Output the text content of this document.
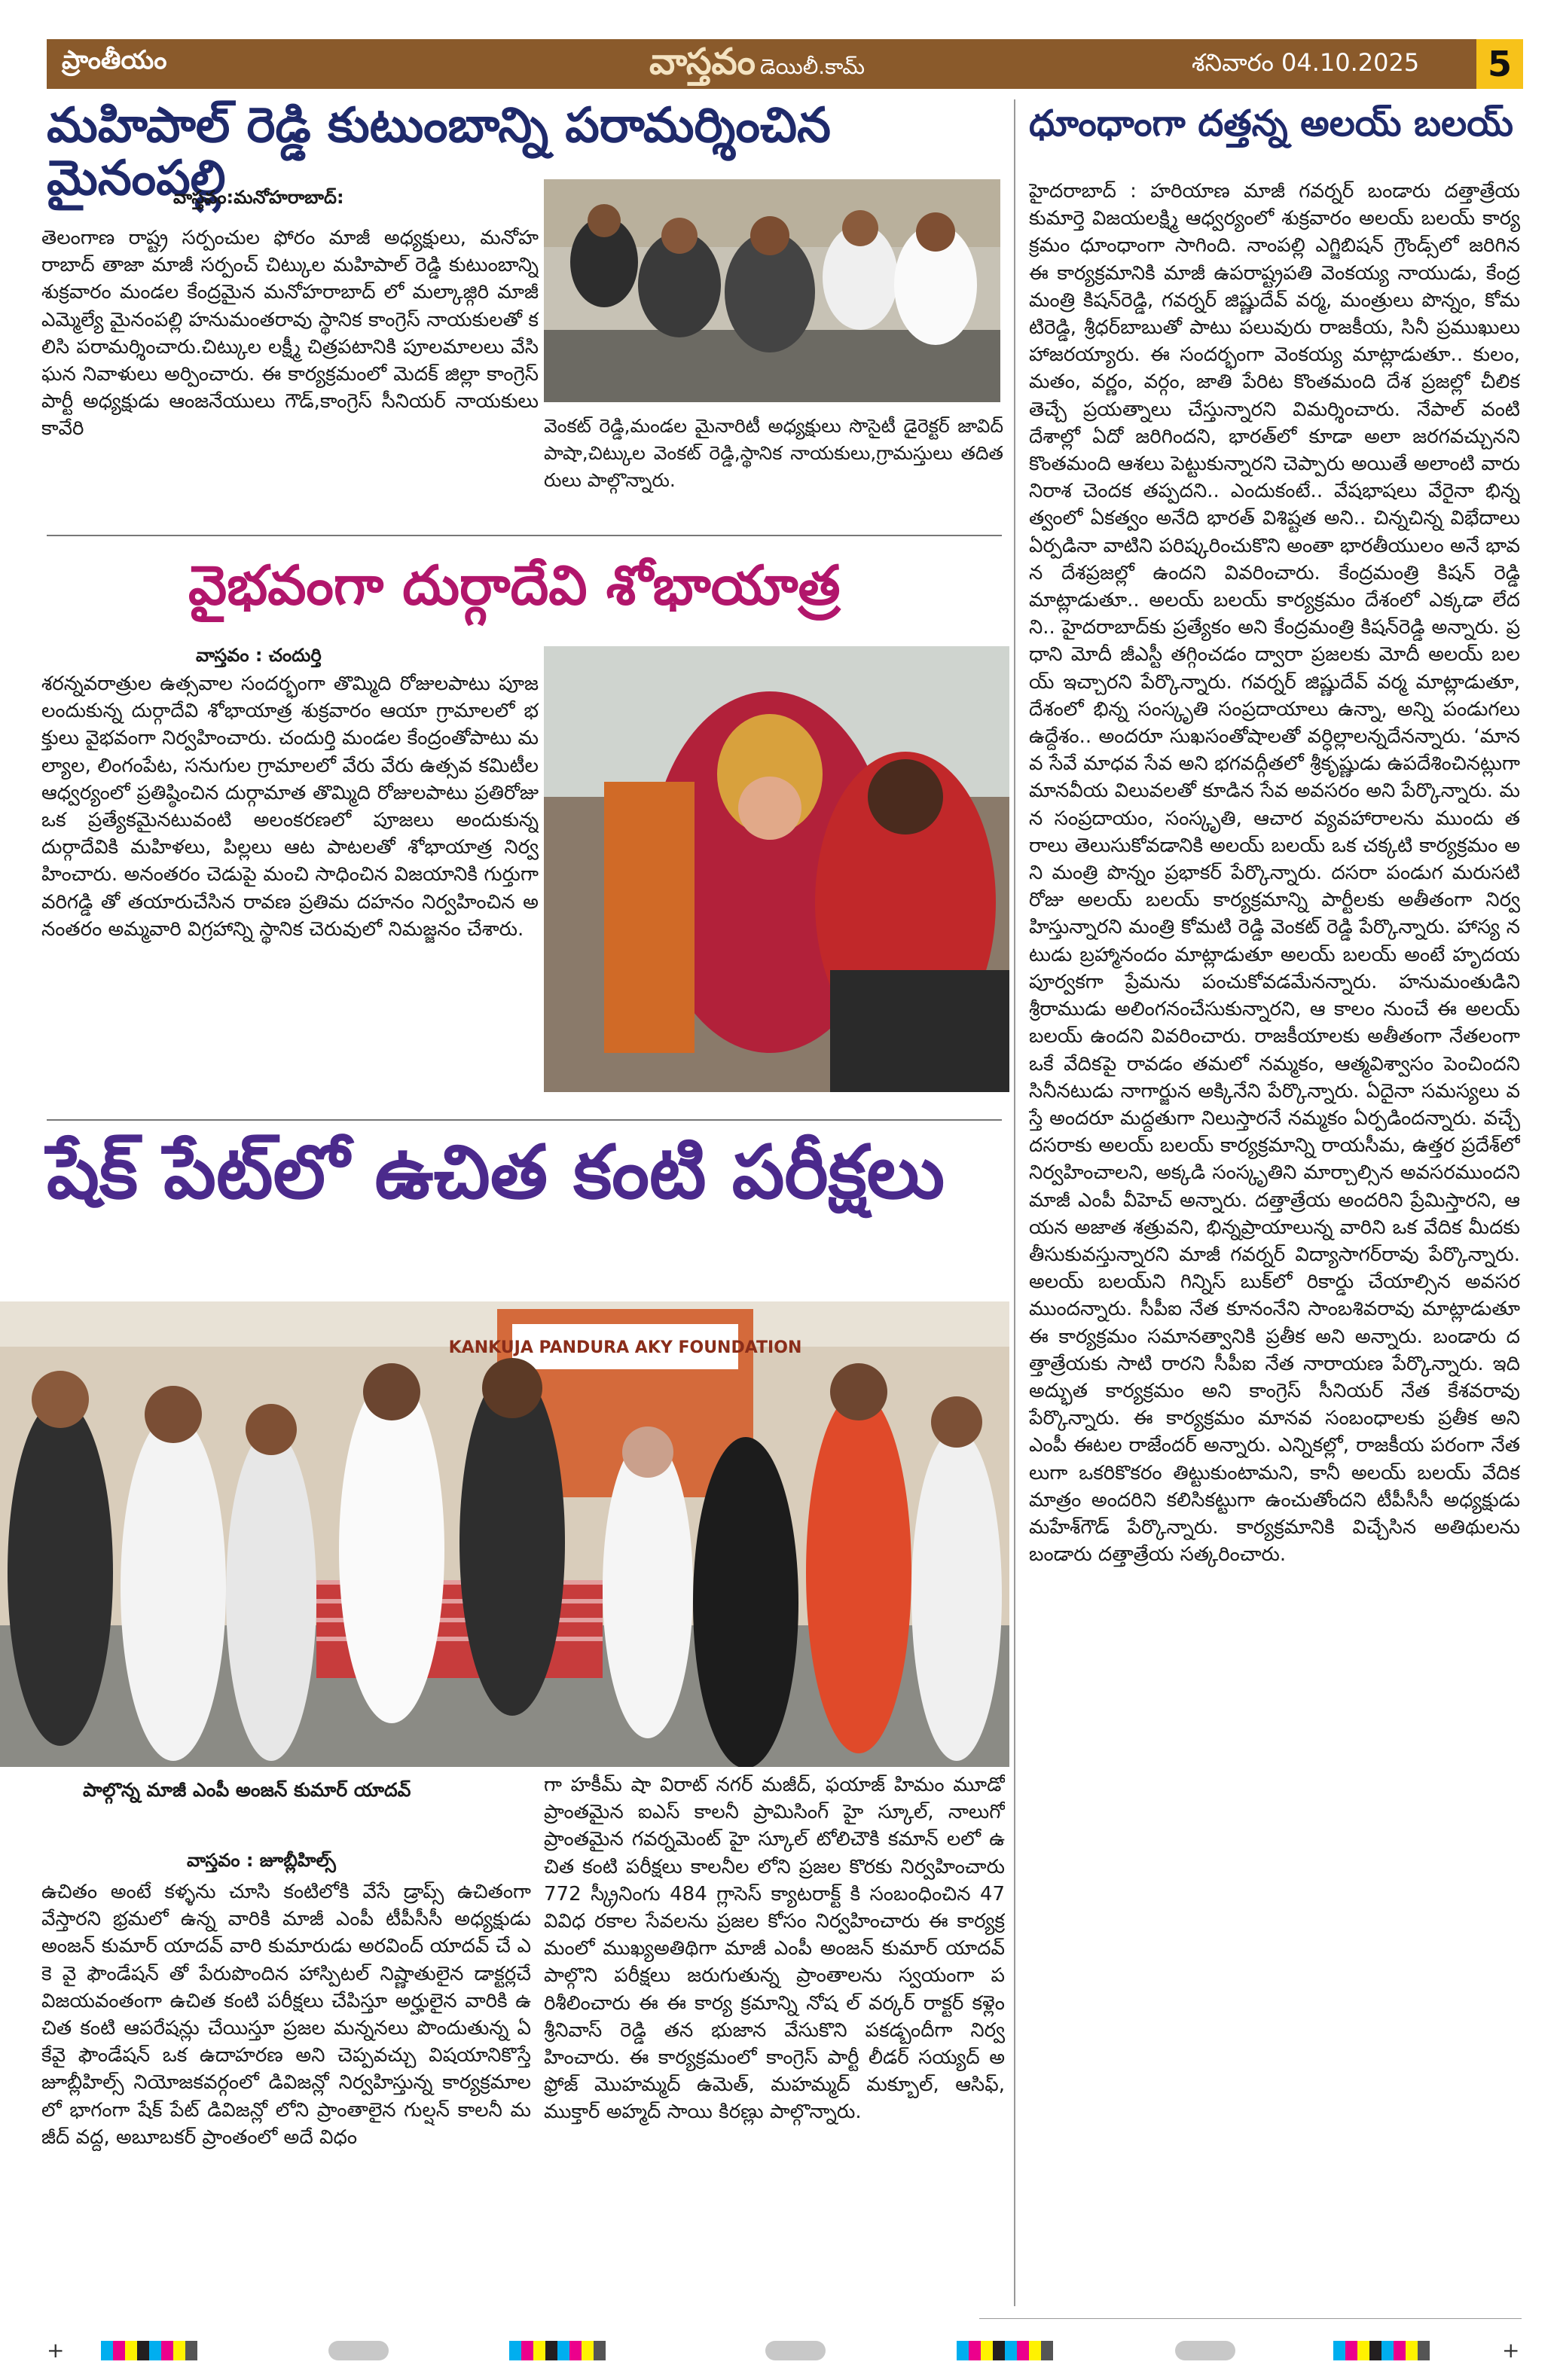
ప్రాంతీయం	వాస్తవం డెయిలీ.కామ్	శనివారం 04.10.2025	5
మహిపాల్ రెడ్డి కుటుంబాన్ని పరామర్శించిన మైనంపల్లి
వాస్తవం:మనోహరాబాద్:
తెలంగాణ రాష్ట్ర సర్పంచుల ఫోరం మాజీ అధ్యక్షులు, మనోహరాబాద్ తాజా మాజీ సర్పంచ్ చిట్కుల మహిపాల్ రెడ్డి కుటుంబాన్ని శుక్రవారం మండల కేంద్రమైన మనోహరాబాద్ లో మల్కాజ్గిరి మాజీ ఎమ్మెల్యే మైనంపల్లి హనుమంతరావు స్థానిక కాంగ్రెస్ నాయకులతో కలిసి పరామర్శించారు.చిట్కుల లక్ష్మీ చిత్రపటానికి పూలమాలలు వేసి ఘన నివాళులు అర్పించారు. ఈ కార్యక్రమంలో మెదక్ జిల్లా కాంగ్రెస్ పార్టీ అధ్యక్షుడు ఆంజనేయులు గౌడ్,కాంగ్రెస్ సీనియర్ నాయకులు కావేరి	వెంకట్ రెడ్డి,మండల మైనారిటీ అధ్యక్షులు సొసైటీ డైరెక్టర్ జావిద్ పాషా,చిట్కుల వెంకట్ రెడ్డి,స్థానిక నాయకులు,గ్రామస్తులు తదితరులు పాల్గొన్నారు.
వైభవంగా దుర్గాదేవి శోభాయాత్ర
వాస్తవం : చందుర్తి
శరన్నవరాత్రుల ఉత్సవాల సందర్భంగా తొమ్మిది రోజులపాటు పూజలందుకున్న దుర్గాదేవి శోభాయాత్ర శుక్రవారం ఆయా గ్రామాలలో భక్తులు వైభవంగా నిర్వహించారు. చందుర్తి మండల కేంద్రంతోపాటు మల్యాల, లింగంపేట, సనుగుల గ్రామాలలో వేరు వేరు ఉత్సవ కమిటీల ఆధ్వర్యంలో ప్రతిష్ఠించిన దుర్గామాత తొమ్మిది రోజులపాటు ప్రతిరోజు ఒక ప్రత్యేకమైనటువంటి అలంకరణలో పూజలు అందుకున్న దుర్గాదేవికి మహిళలు, పిల్లలు ఆట పాటలతో శోభాయాత్ర నిర్వహించారు. అనంతరం చెడుపై మంచి సాధించిన విజయానికి గుర్తుగా వరిగడ్డి తో తయారుచేసిన రావణ ప్రతిమ దహనం నిర్వహించిన అనంతరం అమ్మవారి విగ్రహాన్ని స్థానిక చెరువులో నిమజ్జనం చేశారు.
షేక్ పేట్‌లో ఉచిత కంటి పరీక్షలు
KANKUJA PANDURA AKY FOUNDATION
పాల్గొన్న మాజీ ఎంపీ అంజన్ కుమార్ యాదవ్
వాస్తవం : జూబ్లీహిల్స్
ఉచితం అంటే కళ్ళను చూసి కంటిలోకి వేసే డ్రాప్స్ ఉచితంగా వేస్తారని భ్రమలో ఉన్న వారికి మాజీ ఎంపీ టీపీసీసీ అధ్యక్షుడు అంజన్ కుమార్ యాదవ్ వారి కుమారుడు అరవింద్ యాదవ్ చే ఎ కె వై ఫౌండేషన్ తో పేరుపొందిన హాస్పిటల్ నిష్ణాతులైన డాక్టర్లచే విజయవంతంగా ఉచిత కంటి పరీక్షలు చేపిస్తూ అర్హులైన వారికి ఉచిత కంటి ఆపరేషన్లు చేయిస్తూ ప్రజల మన్ననలు పొందుతున్న ఏకేవై ఫౌండేషన్ ఒక ఉదాహరణ అని చెప్పవచ్చు విషయానికొస్తే జూబ్లీహిల్స్ నియోజకవర్గంలో డివిజన్లో నిర్వహిస్తున్న కార్యక్రమాలలో భాగంగా షేక్ పేట్ డివిజన్లో లోని ప్రాంతాలైన గుల్షన్ కాలనీ మజీద్ వద్ద, అబూబకర్ ప్రాంతంలో అదే విధం
గా హకీమ్ షా విరాట్ నగర్ మజీద్, ఫయాజ్ హిమం మూడో ప్రాంతమైన ఐఎస్ కాలనీ ప్రామిసింగ్ హై స్కూల్, నాలుగో ప్రాంతమైన గవర్నమెంట్ హై స్కూల్ టోలిచౌకి కమాన్ లలో ఉచిత కంటి పరీక్షలు కాలనీల లోని ప్రజల కొరకు నిర్వహించారు 772 స్క్రీనింగు 484 గ్లాసెస్ క్యాటరాక్ట్ కి సంబంధించిన 47 వివిధ రకాల సేవలను ప్రజల కోసం నిర్వహించారు ఈ కార్యక్రమంలో ముఖ్యఅతిథిగా మాజీ ఎంపీ అంజన్ కుమార్ యాదవ్ పాల్గొని పరీక్షలు జరుగుతున్న ప్రాంతాలను స్వయంగా పరిశీలించారు ఈ ఈ కార్య క్రమాన్ని నోష ల్ వర్కర్ రాక్టర్ కళ్లెం శ్రీనివాస్ రెడ్డి తన భుజాన వేసుకొని పకడ్బందీగా నిర్వహించారు. ఈ కార్యక్రమంలో కాంగ్రెస్ పార్టీ లీడర్ సయ్యద్ అఫ్రోజ్ మొహమ్మద్ ఉమెత్, మహమ్మద్ మక్బూల్, ఆసిఫ్, ముక్తార్ అహ్మద్ సాయి కిరణ్లు పాల్గొన్నారు.
ధూంధాంగా దత్తన్న అలయ్ బలయ్
హైదరాబాద్ : హరియాణ మాజీ గవర్నర్ బండారు దత్తాత్రేయ కుమార్తె విజయలక్ష్మి ఆధ్వర్యంలో శుక్రవారం అలయ్ బలయ్ కార్యక్రమం ధూంధాంగా సాగింది. నాంపల్లి ఎగ్జిబిషన్ గ్రౌండ్స్‌లో జరిగిన ఈ కార్యక్రమానికి మాజీ ఉపరాష్ట్రపతి వెంకయ్య నాయుడు, కేంద్రమంత్రి కిషన్‌రెడ్డి, గవర్నర్ జిష్ణుదేవ్ వర్మ, మంత్రులు పొన్నం, కోమటిరెడ్డి, శ్రీధర్‌బాబుతో పాటు పలువురు రాజకీయ, సినీ ప్రముఖులు హాజరయ్యారు. ఈ సందర్భంగా వెంకయ్య మాట్లాడుతూ.. కులం, మతం, వర్ణం, వర్గం, జాతి పేరిట కొంతమంది దేశ ప్రజల్లో చీలిక తెచ్చే ప్రయత్నాలు చేస్తున్నారని విమర్శించారు. నేపాల్ వంటి దేశాల్లో ఏదో జరిగిందని, భారత్‌లో కూడా అలా జరగవచ్చునని కొంతమంది ఆశలు పెట్టుకున్నారని చెప్పారు అయితే అలాంటి వారు నిరాశ చెందక తప్పదని.. ఎందుకంటే.. వేషభాషలు వేరైనా భిన్నత్వంలో ఏకత్వం అనేది భారత్ విశిష్టత అని.. చిన్నచిన్న విభేదాలు ఏర్పడినా వాటిని పరిష్కరించుకొని అంతా భారతీయులం అనే భావన దేశప్రజల్లో ఉందని వివరించారు. కేంద్రమంత్రి కిషన్ రెడ్డి మాట్లాడుతూ.. అలయ్ బలయ్ కార్యక్రమం దేశంలో ఎక్కడా లేదని.. హైదరాబాద్‌కు ప్రత్యేకం అని కేంద్రమంత్రి కిషన్‌రెడ్డి అన్నారు. ప్రధాని మోదీ జీఎస్టీ తగ్గించడం ద్వారా ప్రజలకు మోదీ అలయ్ బలయ్ ఇచ్చారని పేర్కొన్నారు. గవర్నర్ జిష్ణుదేవ్ వర్మ మాట్లాడుతూ, దేశంలో భిన్న సంస్కృతి సంప్రదాయాలు ఉన్నా, అన్ని పండుగలు ఉద్దేశం.. అందరూ సుఖసంతోషాలతో వర్ధిల్లాలన్నదేనన్నారు. ‘మానవ సేవే మాధవ సేవ అని భగవద్గీతలో శ్రీకృష్ణుడు ఉపదేశించినట్లుగా మానవీయ విలువలతో కూడిన సేవ అవసరం అని పేర్కొన్నారు. మన సంప్రదాయం, సంస్కృతి, ఆచార వ్యవహారాలను ముందు తరాలు తెలుసుకోవడానికి అలయ్ బలయ్ ఒక చక్కటి కార్యక్రమం అని మంత్రి పొన్నం ప్రభాకర్ పేర్కొన్నారు. దసరా పండుగ మరుసటి రోజు అలయ్ బలయ్ కార్యక్రమాన్ని పార్టీలకు అతీతంగా నిర్వహిస్తున్నారని మంత్రి కోమటి రెడ్డి వెంకట్ రెడ్డి పేర్కొన్నారు. హాస్య నటుడు బ్రహ్మానందం మాట్లాడుతూ అలయ్ బలయ్ అంటే హృదయ పూర్వకగా ప్రేమను పంచుకోవడమేనన్నారు. హనుమంతుడిని శ్రీరాముడు అలింగనంచేసుకున్నారని, ఆ కాలం నుంచే ఈ అలయ్ బలయ్ ఉందని వివరించారు. రాజకీయాలకు అతీతంగా నేతలంగా ఒకే వేదికపై రావడం తమలో నమ్మకం, ఆత్మవిశ్వాసం పెంచిందని సినీనటుడు నాగార్జున అక్కినేని పేర్కొన్నారు. ఏదైనా సమస్యలు వస్తే అందరూ మద్దతుగా నిలుస్తారనే నమ్మకం ఏర్పడిందన్నారు. వచ్చే దసరాకు అలయ్ బలయ్ కార్యక్రమాన్ని రాయసీమ, ఉత్తర ప్రదేశ్‌లో నిర్వహించాలని, అక్కడి సంస్కృతిని మార్చాల్సిన అవసరముందని మాజీ ఎంపీ వీహెచ్ అన్నారు. దత్తాత్రేయ అందరిని ప్రేమిస్తారని, ఆయన అజాత శత్రువని, భిన్నప్రాయాలున్న వారిని ఒక వేదిక మీదకు తీసుకువస్తున్నారని మాజీ గవర్నర్ విద్యాసాగర్‌రావు పేర్కొన్నారు. అలయ్ బలయ్‌ని గిన్నిస్ బుక్‌లో రికార్డు చేయాల్సిన అవసరముందన్నారు. సీపీఐ నేత కూనంనేని సాంబశివరావు మాట్లాడుతూ ఈ కార్యక్రమం సమానత్వానికి ప్రతీక అని అన్నారు. బండారు దత్తాత్రేయకు సాటి రారని సీపీఐ నేత నారాయణ పేర్కొన్నారు. ఇది అద్భుత కార్యక్రమం అని కాంగ్రెస్ సీనియర్ నేత కేశవరావు పేర్కొన్నారు. ఈ కార్యక్రమం మానవ సంబంధాలకు ప్రతీక అని ఎంపీ ఈటల రాజేందర్ అన్నారు. ఎన్నికల్లో, రాజకీయ పరంగా నేతలుగా ఒకరికొకరం తిట్టుకుంటామని, కానీ అలయ్ బలయ్ వేదిక మాత్రం అందరిని కలిసికట్టుగా ఉంచుతోందని టీపీసీసీ అధ్యక్షుడు మహేశ్‌గౌడ్ పేర్కొన్నారు. కార్యక్రమానికి విచ్చేసిన అతిథులను బండారు దత్తాత్రేయ సత్కరించారు.
+	+
